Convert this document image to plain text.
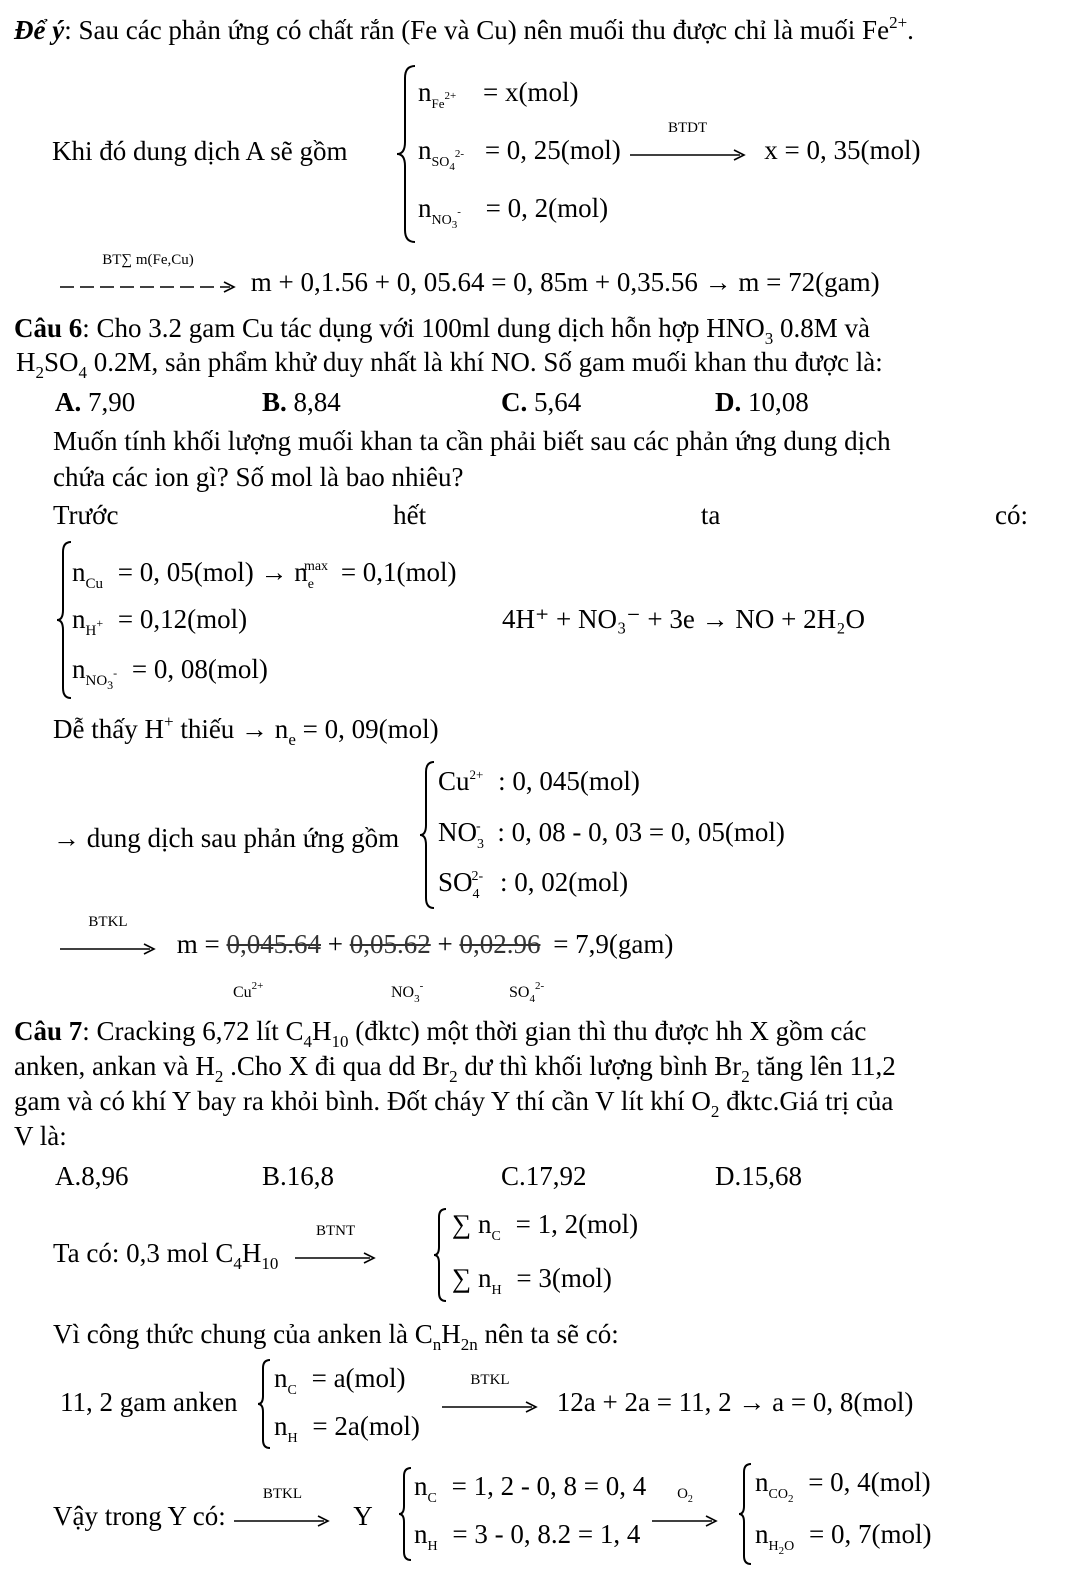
Để ý: Sau các phản ứng có chất rắn (Fe và Cu) nên muối thu được chỉ là muối $Fe^{2+}$.
Khi đó dung dịch A sẽ gồm
$n_{Fe}2+ = x(mol)$
$n_{SO4}2- = 0$, 25(mol)
BTDT
x = 0, 35(mol)
$n_{NO3}- = 0$, 2(mol)
BT∑ m(Fe,Cu)
m + 0,1.56 + 0, 05.64 = 0, 85m + 0,35.56 → m = 72(gam)
Câu 6: Cho 3.2 gam Cu tác dụng với 100ml dung dịch hỗn hợp $HNO_3$ 0.8M và
$H_2SO_4$ 0.2M, sản phẩm khử duy nhất là khí NO. Số gam muối khan thu được là:
A. 7,90	B. 8,84	C. 5,64	D. 10,08
Muốn tính khối lượng muối khan ta cần phải biết sau các phản ứng dung dịch
chứa các ion gì? Số mol là bao nhiêu?
Trước	hết	ta	có:
$n_{Cu} = 0$, $05(mol) \to n_e^{max} = 0,1(mol)$
$n_H+ = 0,12(mol)$
$n_{NO3}- = 0$, 08(mol)
4H⁺ + NO₃⁻ + 3e → NO + 2H₂O
Dễ thấy H+ thiếu → $n_e = 0$, 09(mol)
→ dung dịch sau phản ứng gồm
$Cu^{2+}$ : 0, 045(mol)
$NO_3^-$ : 0, 08 - 0, 03 = 0, 05(mol)
$SO_4^{2-}$ : 0, 02(mol)
BTKL
m = 0,045.64 + 0,05.62 + 0,02.96 = 7,9(gam)
$Cu^{2+}$	$NO_3^-$	$SO_4^{2-}$
Câu 7: Cracking 6,72 lít $C_4H_{10}$ (đktc) một thời gian thì thu được hh X gồm các
anken, ankan và $H_2$ .Cho X đi qua dd $Br_2$ dư thì khối lượng bình $Br_2$ tăng lên 11,2
gam và có khí Y bay ra khỏi bình. Đốt cháy Y thí cần V lít khí $O_2$ đktc.Giá trị của
V là:
A.8,96	B.16,8	C.17,92	D.15,68
Ta có: 0,3 mol $C_4H_{10}$
BTNT	∑ $n_C = 1$, 2(mol)
∑ $n_H = 3(mol)$
Vì công thức chung của anken là $C_nH_{2n}$ nên ta sẽ có:
11, 2 gam anken
$n_C = a(mol)$
$n_H = 2a(mol)$
BTKL
12a + 2a = 11, 2 → a = 0, 8(mol)
Vậy trong Y có:
BTKL
Y
$n_C = 1$, 2 - 0, 8 = 0, 4
$n_H = 3 - 0$, 8.2 = 1, 4
$O_2$
$n_{CO2} = 0$, 4(mol)
$n_{H2O} = 0$, 7(mol)
